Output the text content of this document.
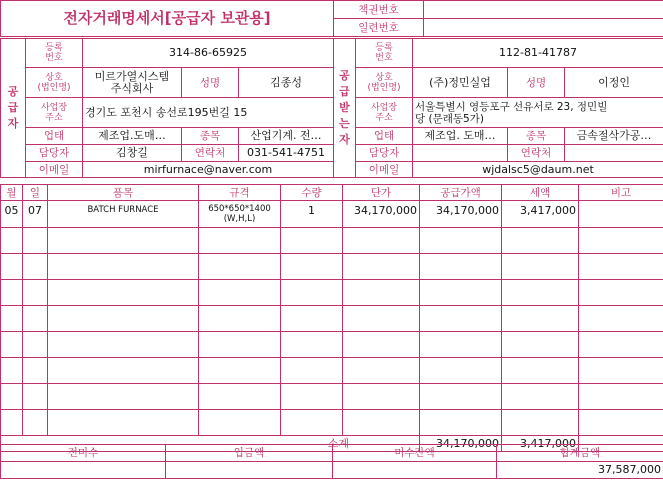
전자거래명세서[공급자 보관용]	책권번호	
	일련번호	
공
급
자	등록
번호	314-86-65925		
	상호
(법인명)	미르가열시스템
주식회사	성명	김종성
	사업장
주소	경기도 포천시 송선로195번길 15		
	업태	제조업.도매…	종목	산업기계. 전…
	담당자	김창길	연락처	031-541-4751
	이메일	mirfurnace@naver.com		
공
급
받
는
자	등록
번호	112-81-41787		
	상호
(법인명)	(주)정민실업	성명	이정인
	사업장
주소	서울특별시 영등포구 선유서로 23, 정민빌
당 (문래동5가)		
	업태	제조업. 도매…	종목	금속절삭가공…
	담당자		연락처	
	이메일	wjdalsc5@daum.net		
월	일	품목	규격	수량	단가	공급가액	세액	비고
05	07	BATCH FURNACE	650*650*1400
(W,H,L)	1	34,170,000	34,170,000	3,417,000	

소계						34,170,000	3,417,000	
전미수	입금액	미수잔액	합계금액
			37,587,000
